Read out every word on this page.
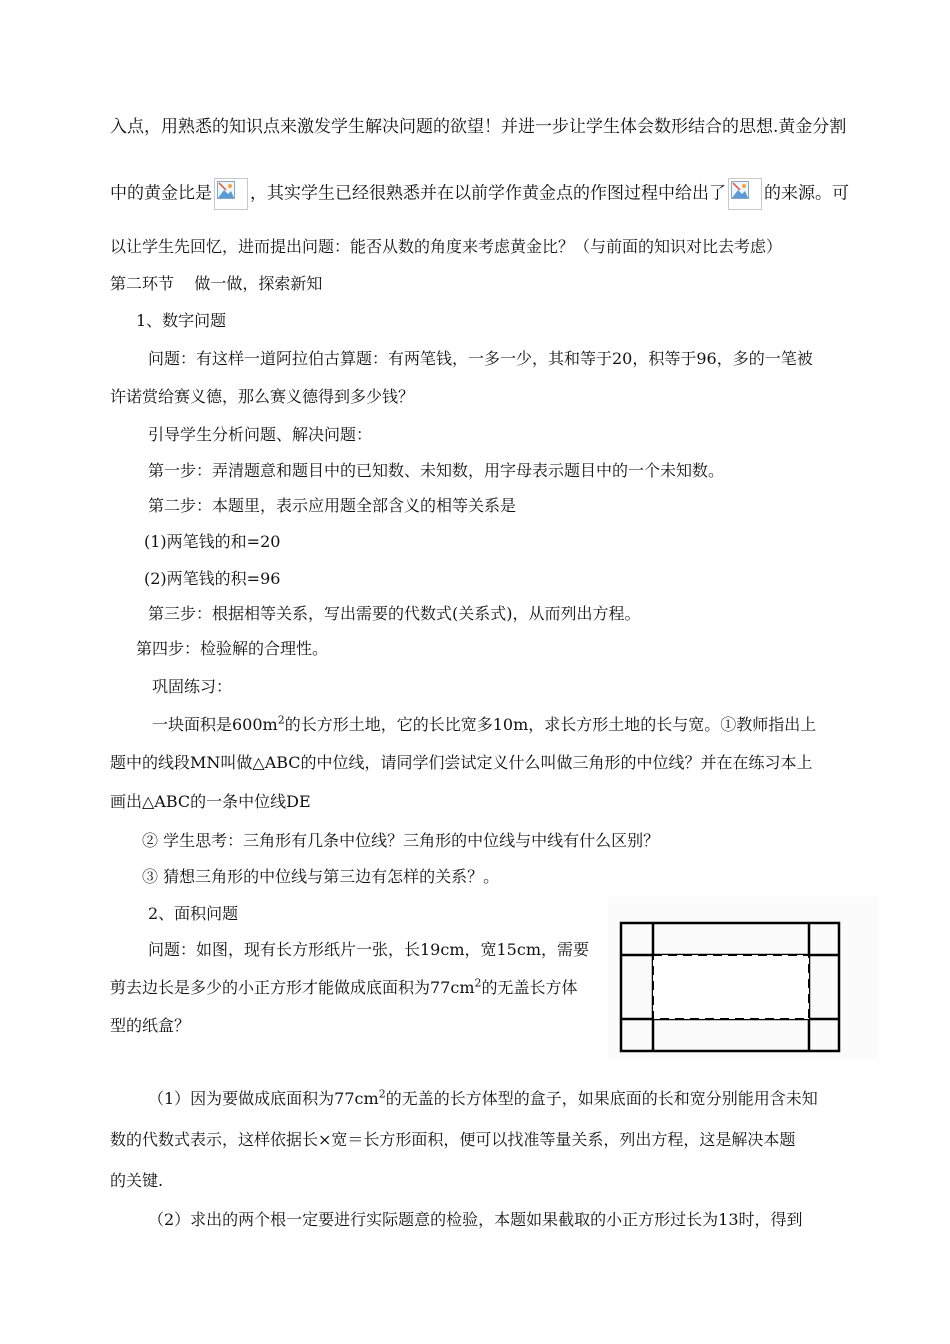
入点，用熟悉的知识点来激发学生解决问题的欲望！并进一步让学生体会数形结合的思想.黄金分割
中的黄金比是 ，其实学生已经很熟悉并在以前学作黄金点的作图过程中给出了 的来源。可
以让学生先回忆，进而提出问题：能否从数的角度来考虑黄金比？（与前面的知识对比去考虑）
第二环节    做一做，探索新知
1、数字问题
问题：有这样一道阿拉伯古算题：有两笔钱，一多一少，其和等于20，积等于96，多的一笔被
许诺赏给赛义德，那么赛义德得到多少钱？
引导学生分析问题、解决问题：
第一步：弄清题意和题目中的已知数、未知数，用字母表示题目中的一个未知数。
第二步：本题里，表示应用题全部含义的相等关系是
(1)两笔钱的和=20
(2)两笔钱的积=96
第三步：根据相等关系，写出需要的代数式(关系式)，从而列出方程。
第四步：检验解的合理性。
巩固练习：
一块面积是$600m^2$的长方形土地，它的长比宽多10m，求长方形土地的长与宽。①教师指出上
题中的线段MN叫做△ABC的中位线，请同学们尝试定义什么叫做三角形的中位线？并在在练习本上
画出△ABC的一条中位线DE
② 学生思考：三角形有几条中位线？三角形的中位线与中线有什么区别？
③ 猜想三角形的中位线与第三边有怎样的关系？。
2、面积问题
问题：如图，现有长方形纸片一张，长19cm，宽15cm，需要
剪去边长是多少的小正方形才能做成底面积为$77cm^2$的无盖长方体
型的纸盒？
（1）因为要做成底面积为$77cm^2$的无盖的长方体型的盒子，如果底面的长和宽分别能用含未知
数的代数式表示，这样依据长×宽＝长方形面积，便可以找准等量关系，列出方程，这是解决本题
的关键.
（2）求出的两个根一定要进行实际题意的检验，本题如果截取的小正方形过长为13时，得到
